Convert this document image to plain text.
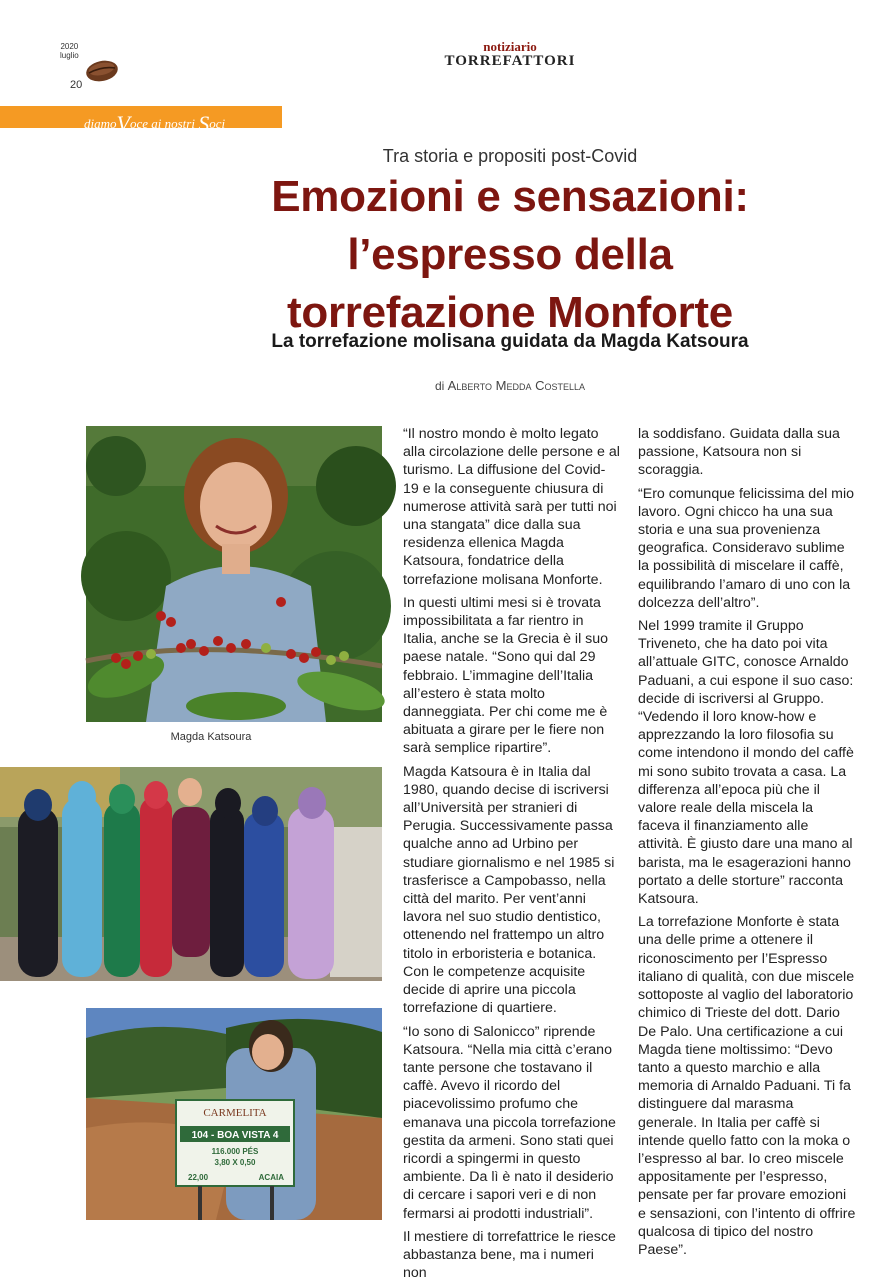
2020
luglio
20
notiziario
TORREFATTORI
diamoVoce ai nostri Soci
Tra storia e propositi post-Covid
Emozioni e sensazioni:
l’espresso della
torrefazione Monforte
La torrefazione molisana guidata da Magda Katsoura
di Alberto Medda Costella
Magda Katsoura
CARMELITA
104 - BOA VISTA 4
116.000 PÉS
3,80 X 0,50
22,00	ACAIA

“Il nostro mondo è molto legato alla circolazione delle persone e al turismo. La diffusione del Covid-19 e la conseguente chiusura di numerose attività sarà per tutti noi una stangata” dice dalla sua residenza ellenica Magda Katsoura, fondatrice della torrefazione molisana Monforte.

In questi ultimi mesi si è trovata impossibilitata a far rientro in Italia, anche se la Grecia è il suo paese natale. “Sono qui dal 29 febbraio. L’immagine dell’Italia all’estero è stata molto danneggiata. Per chi come me è abituata a girare per le fiere non sarà semplice ripartire”.

Magda Katsoura è in Italia dal 1980, quando decise di iscriversi all’Università per stranieri di Perugia. Successivamente passa qualche anno ad Urbino per studiare giornalismo e nel 1985 si trasferisce a Campobasso, nella città del marito. Per vent’anni lavora nel suo studio dentistico, ottenendo nel frattempo un altro titolo in erboristeria e botanica. Con le competenze acquisite decide di aprire una piccola torrefazione di quartiere.

“Io sono di Salonicco” riprende Katsoura. “Nella mia città c’erano tante persone che tostavano il caffè. Avevo il ricordo del piacevolissimo profumo che emanava una piccola torrefazione gestita da armeni. Sono stati quei ricordi a spingermi in questo ambiente. Da lì è nato il desiderio di cercare i sapori veri e di non fermarsi ai prodotti industriali”.

Il mestiere di torrefattrice le riesce abbastanza bene, ma i numeri non

la soddisfano. Guidata dalla sua passione, Katsoura non si scoraggia.

“Ero comunque felicissima del mio lavoro. Ogni chicco ha una sua storia e una sua provenienza geografica. Consideravo sublime la possibilità di miscelare il caffè, equilibrando l’amaro di uno con la dolcezza dell’altro”.

Nel 1999 tramite il Gruppo Triveneto, che ha dato poi vita all’attuale GITC, conosce Arnaldo Paduani, a cui espone il suo caso: decide di iscriversi al Gruppo. “Vedendo il loro know-how e apprezzando la loro filosofia su come intendono il mondo del caffè mi sono subito trovata a casa. La differenza all’epoca più che il valore reale della miscela la faceva il finanziamento alle attività. È giusto dare una mano al barista, ma le esagerazioni hanno portato a delle storture” racconta Katsoura.

La torrefazione Monforte è stata una delle prime a ottenere il riconoscimento per l’Espresso italiano di qualità, con due miscele sottoposte al vaglio del laboratorio chimico di Trieste del dott. Dario De Palo. Una certificazione a cui Magda tiene moltissimo: “Devo tanto a questo marchio e alla memoria di Arnaldo Paduani. Ti fa distinguere dal marasma generale. In Italia per caffè si intende quello fatto con la moka o l’espresso al bar. Io creo miscele appositamente per l’espresso, pensate per far provare emozioni e sensazioni, con l’intento di offrire qualcosa di tipico del nostro Paese”.
